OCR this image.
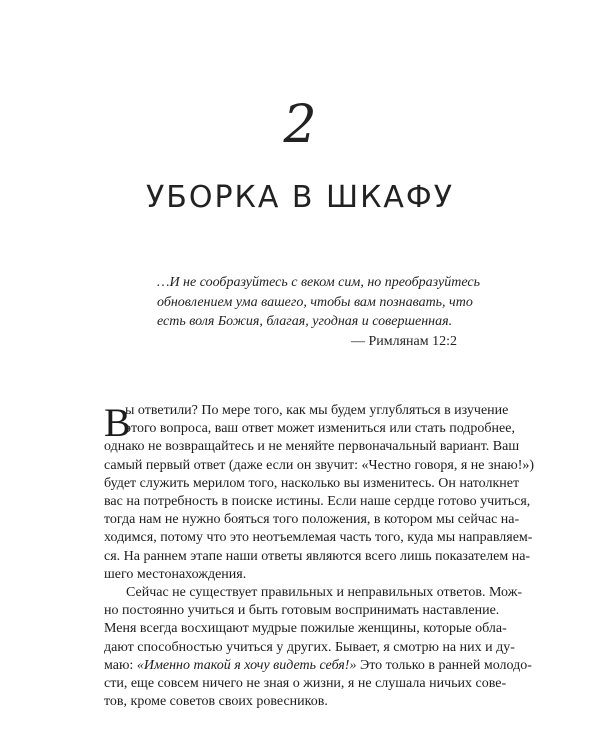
2
УБОРКА В ШКАФУ
…И не сообразуйтесь с веком сим, но преобразуйтесь
обновлением ума вашего, чтобы вам познавать, что
есть воля Божия, благая, угодная и совершенная.
— Римлянам 12:2
В
ы ответили? По мере того, как мы будем углубляться в изучение
этого вопроса, ваш ответ может измениться или стать подробнее,
однако не возвращайтесь и не меняйте первоначальный вариант. Ваш
самый первый ответ (даже если он звучит: «Честно говоря, я не знаю!»)
будет служить мерилом того, насколько вы изменитесь. Он натолкнет
вас на потребность в поиске истины. Если наше сердце готово учиться,
тогда нам не нужно бояться того положения, в котором мы сейчас на-
ходимся, потому что это неотъемлемая часть того, куда мы направляем-
ся. На раннем этапе наши ответы являются всего лишь показателем на-
шего местонахождения.
Сейчас не существует правильных и неправильных ответов. Мож-
но постоянно учиться и быть готовым воспринимать наставление.
Меня всегда восхищают мудрые пожилые женщины, которые обла-
дают способностью учиться у других. Бывает, я смотрю на них и ду-
маю: «Именно такой я хочу видеть себя!» Это только в ранней молодо-
сти, еще совсем ничего не зная о жизни, я не слушала ничьих сове-
тов, кроме советов своих ровесников.
